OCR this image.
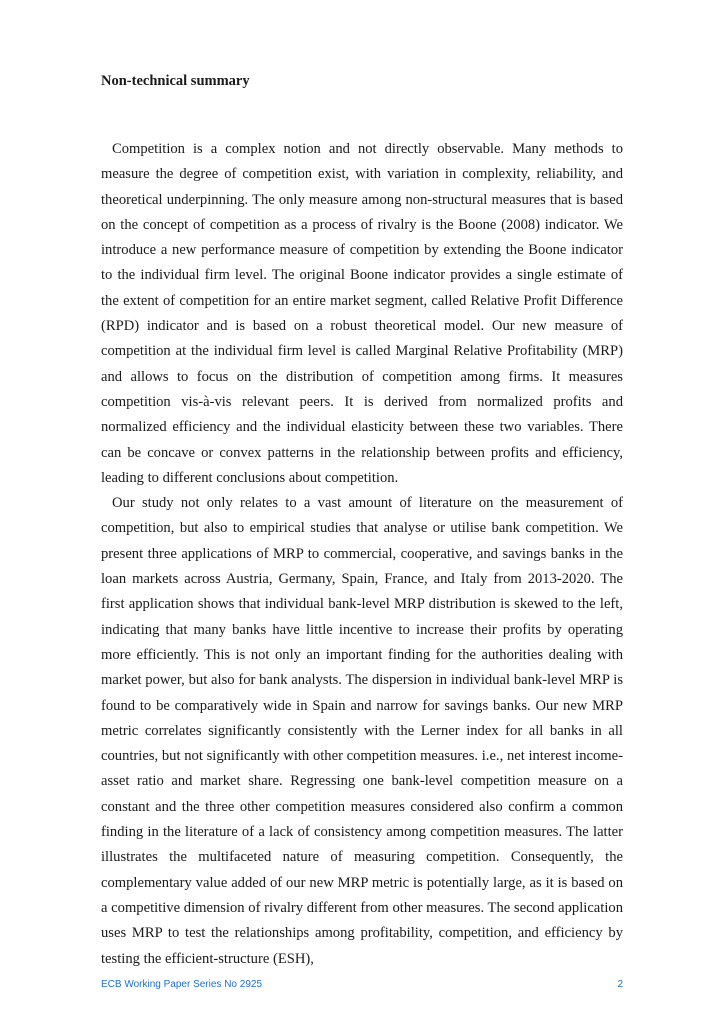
Non-technical summary

Competition is a complex notion and not directly observable. Many methods to measure the degree of competition exist, with variation in complexity, reliability, and theoretical underpinning. The only measure among non-structural measures that is based on the concept of competition as a process of rivalry is the Boone (2008) indicator. We introduce a new performance measure of competition by extending the Boone indicator to the individual firm level. The original Boone indicator provides a single estimate of the extent of competition for an entire market segment, called Relative Profit Difference (RPD) indicator and is based on a robust theoretical model. Our new measure of competition at the individual firm level is called Marginal Relative Profitability (MRP) and allows to focus on the distribution of competition among firms. It measures competition vis-à-vis relevant peers. It is derived from normalized profits and normalized efficiency and the individual elasticity between these two variables. There can be concave or convex patterns in the relationship between profits and efficiency, leading to different conclusions about competition.

Our study not only relates to a vast amount of literature on the measurement of competition, but also to empirical studies that analyse or utilise bank competition. We present three applications of MRP to commercial, cooperative, and savings banks in the loan markets across Austria, Germany, Spain, France, and Italy from 2013-2020. The first application shows that individual bank-level MRP distribution is skewed to the left, indicating that many banks have little incentive to increase their profits by operating more efficiently. This is not only an important finding for the authorities dealing with market power, but also for bank analysts. The dispersion in individual bank-level MRP is found to be comparatively wide in Spain and narrow for savings banks. Our new MRP metric correlates significantly consistently with the Lerner index for all banks in all countries, but not significantly with other competition measures. i.e., net interest income-asset ratio and market share. Regressing one bank-level competition measure on a constant and the three other competition measures considered also confirm a common finding in the literature of a lack of consistency among competition measures. The latter illustrates the multifaceted nature of measuring competition. Consequently, the complementary value added of our new MRP metric is potentially large, as it is based on a competitive dimension of rivalry different from other measures. The second application uses MRP to test the relationships among profitability, competition, and efficiency by testing the efficient-structure (ESH),

ECB Working Paper Series No 2925	2
